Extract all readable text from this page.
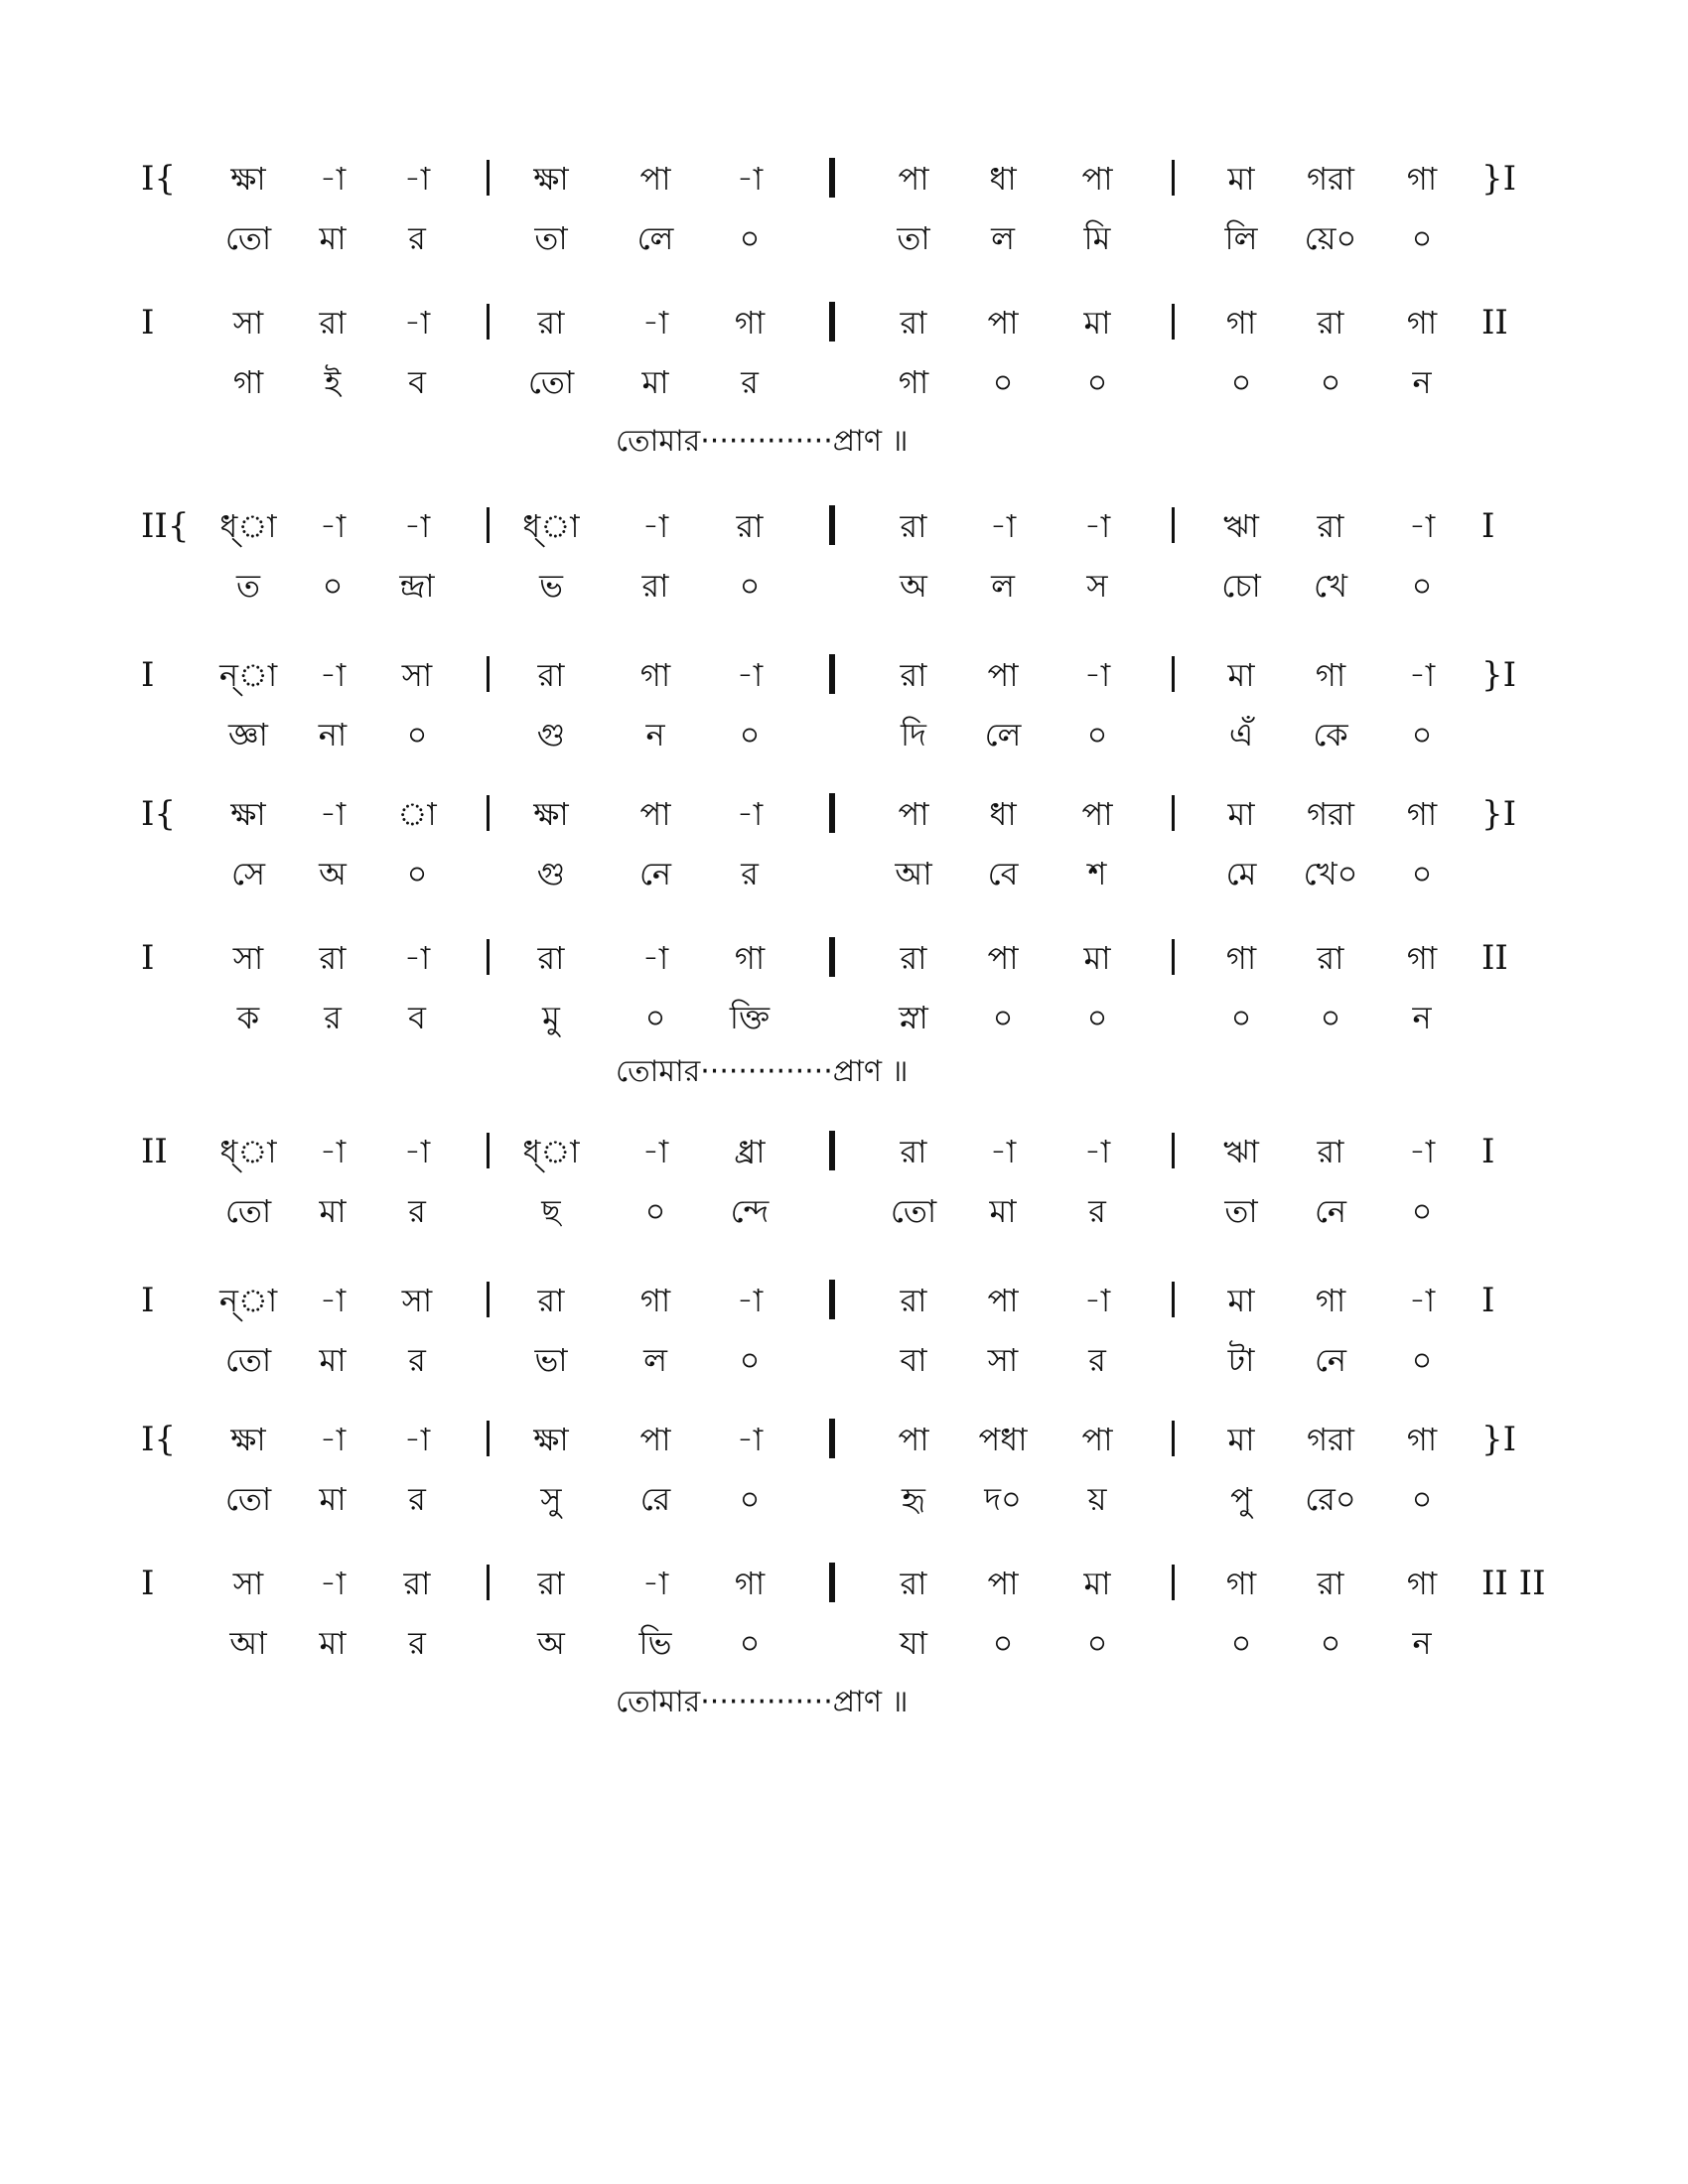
I{	ক্ষা	-া	-া	ক্ষা	পা	-া	পা	ধা	পা	মা	গরা	গা	}I
তো	মা	র	তা	লে	০	তা	ল	মি	লি	য়ে০	০
I	সা	রা	-া	রা	-া	গা	রা	পা	মা	গা	রা	গা	II
গা	ই	ব	তো	মা	র	গা	০	০	০	০	ন
II{ ধ্া	-া	-া	ধ্া	-া	রা	রা	-া	-া	ঋা	রা	-া	I
ত	০	ন্দ্রা	ভ	রা	০	অ	ল	স	চো	খে	০
I	ন্া	-া	সা	রা	গা	-া	রা	পা	-া	মা	গা	-া	}I
জ্ঞা	না	০	গু	ন	০	দি	লে	০	এঁ	কে	০
I{	ক্ষা	-া	া	ক্ষা	পা	-া	পা	ধা	পা	মা	গরা	গা	}I
সে	অ	০	গু	নে	র	আ	বে	শ	মে	খে০	০
I	সা	রা	-া	রা	-া	গা	রা	পা	মা	গা	রা	গা	II
ক	র	ব	মু	০	ক্তি	স্না	০	০	০	০	ন
II	ধ্া	-া	-া	ধ্া	-া	ধ্রা	রা	-া	-া	ঋা	রা	-া	I
তো	মা	র	ছ	০	ন্দে	তো	মা	র	তা	নে	০
I	ন্া	-া	সা	রা	গা	-া	রা	পা	-া	মা	গা	-া	I
তো	মা	র	ভা	ল	০	বা	সা	র	টা	নে	০
I{	ক্ষা	-া	-া	ক্ষা	পা	-া	পা	পধা	পা	মা	গরা	গা	}I
তো	মা	র	সু	রে	০	হৃ	দ০	য়	পু	রে০	০
I	সা	-া	রা	রা	-া	গা	রা	পা	মা	গা	রা	গা	II II
আ	মা	র	অ	ভি	০	যা	০	০	০	০	ন
তোমার··············প্রাণ ॥
তোমার··············প্রাণ ॥
তোমার··············প্রাণ ॥
